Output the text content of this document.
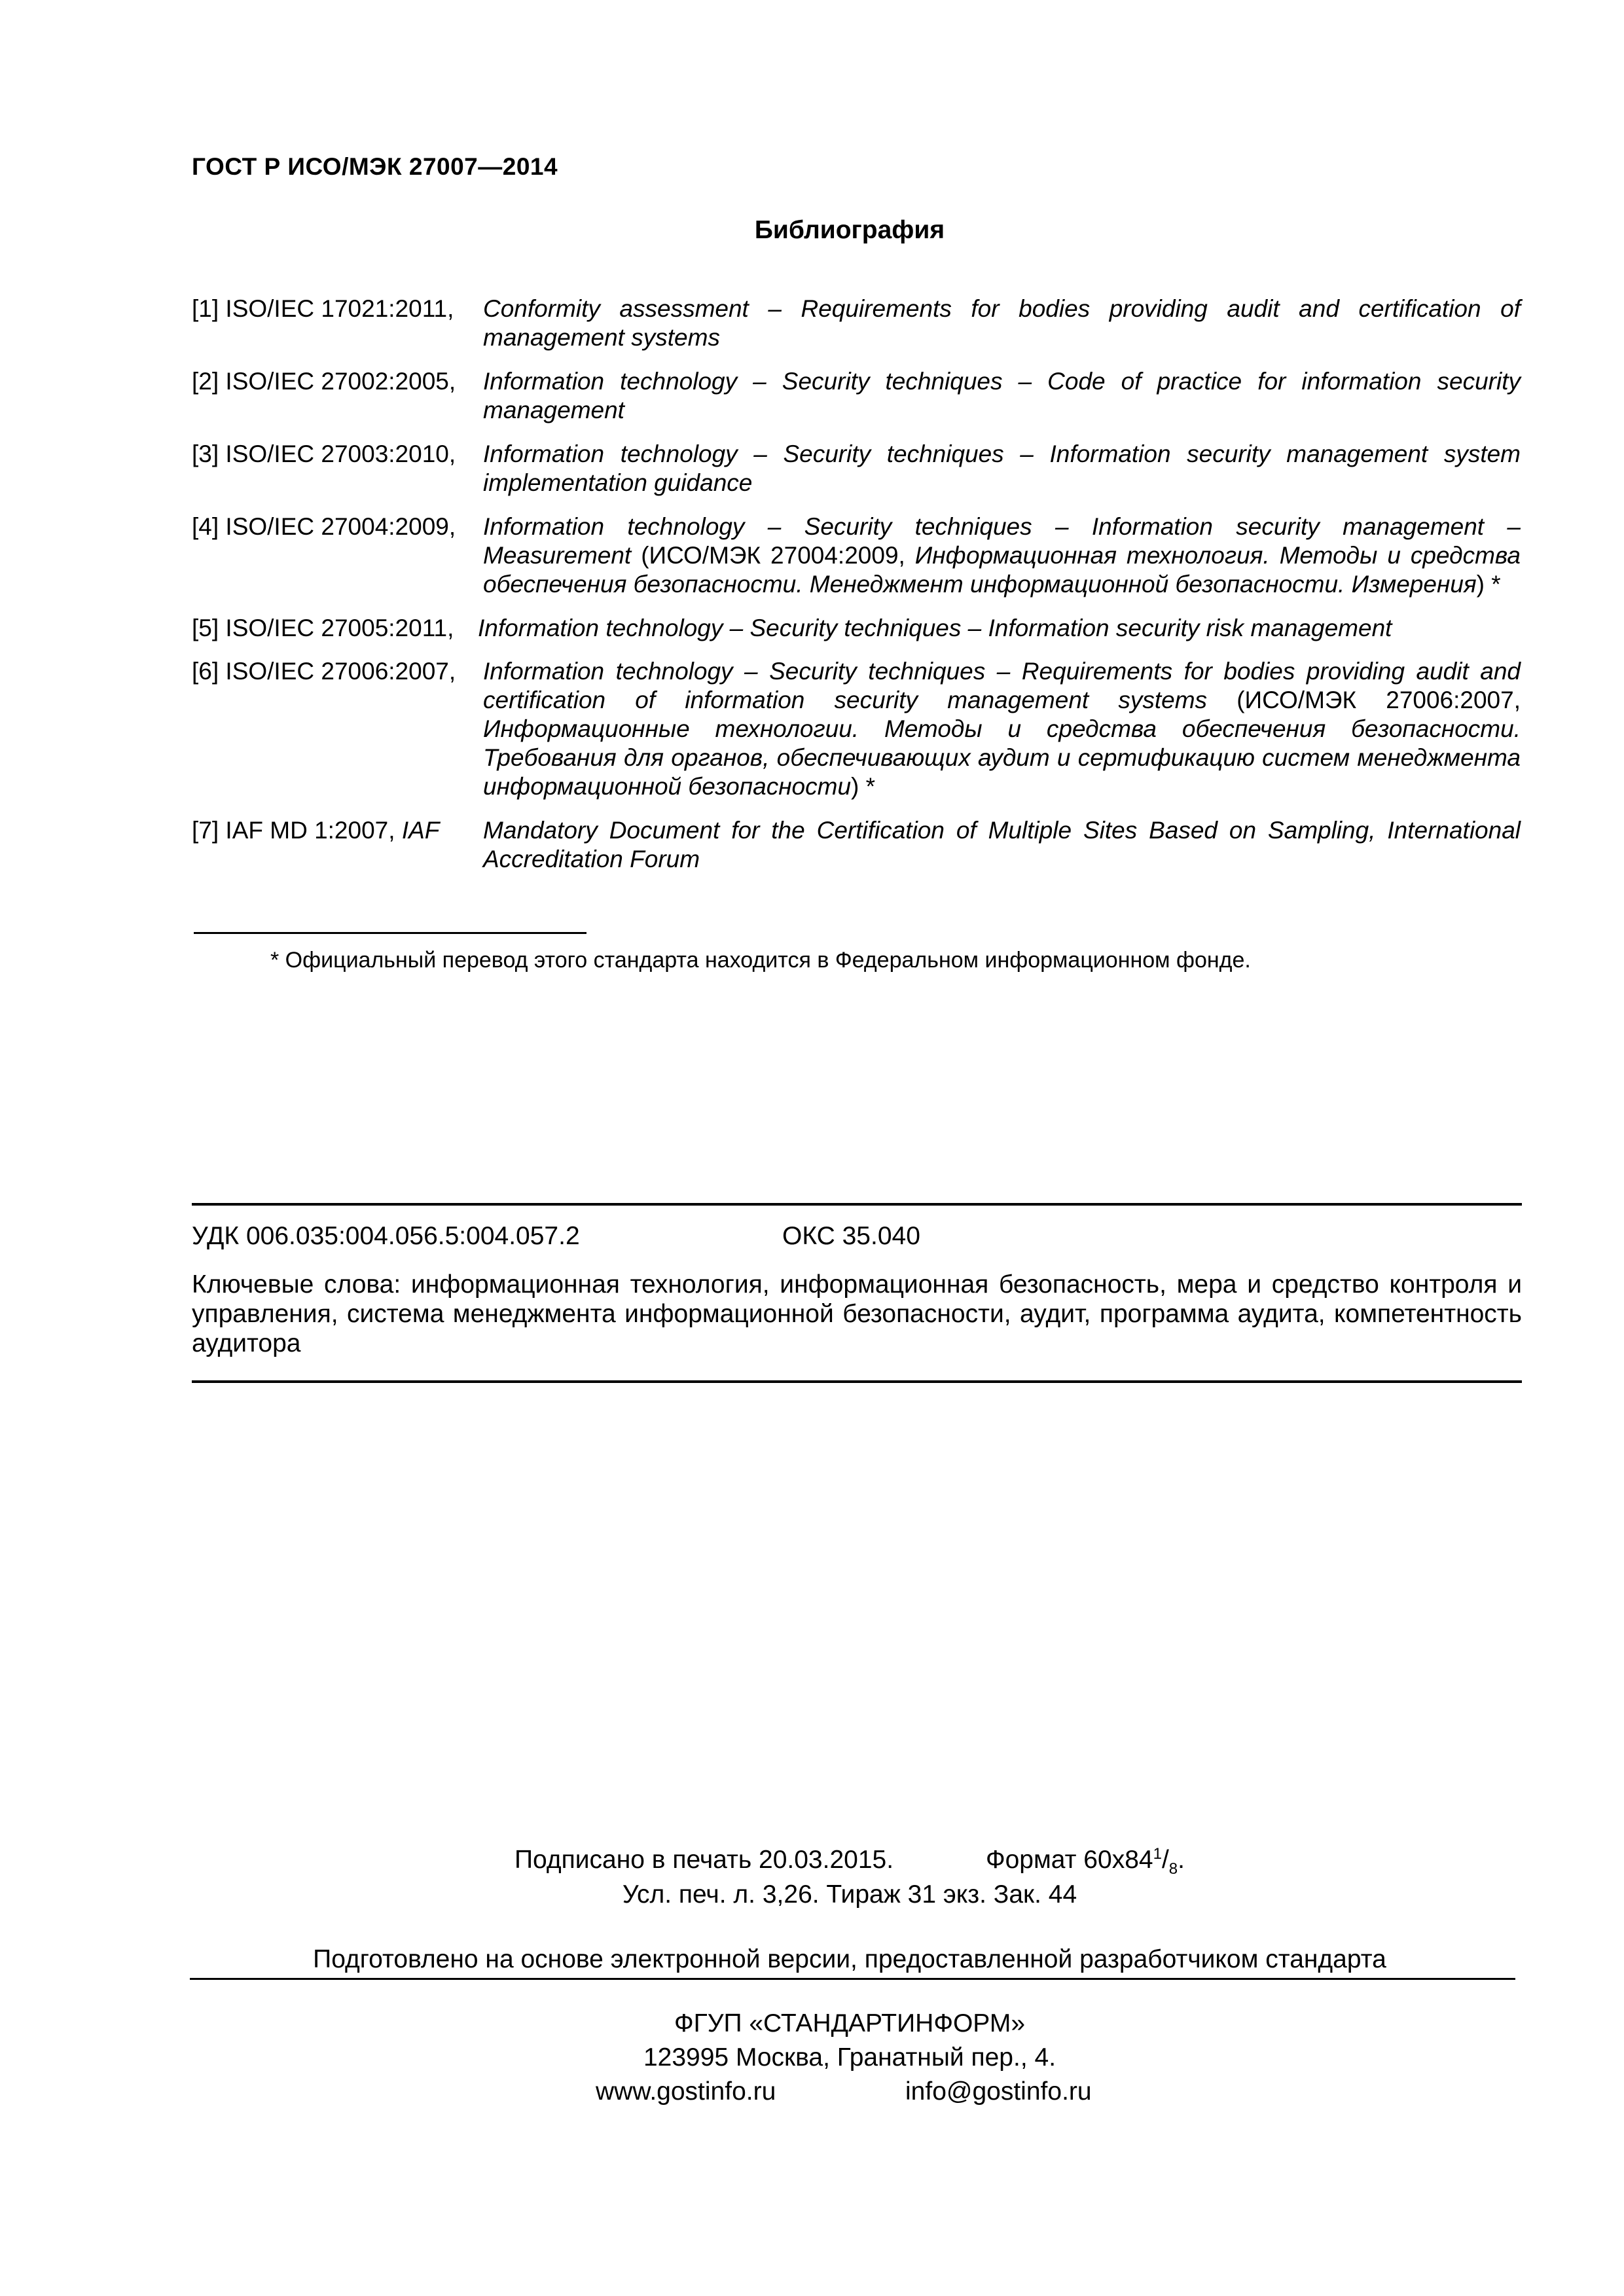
ГОСТ Р ИСО/МЭК 27007—2014
Библиография
[1] ISO/IEC 17021:2011, Conformity assessment – Requirements for bodies providing audit and certification of management systems
[2] ISO/IEC 27002:2005, Information technology – Security techniques – Code of practice for information security management
[3] ISO/IEC 27003:2010, Information technology – Security techniques – Information security management system implementation guidance
[4] ISO/IEC 27004:2009, Information technology – Security techniques – Information security management – Measurement (ИСО/МЭК 27004:2009, Информационная технология. Методы и средства обеспечения безопасности. Менеджмент информационной безопасности. Измерения) *
[5] ISO/IEC 27005:2011, Information technology – Security techniques – Information security risk management
[6] ISO/IEC 27006:2007, Information technology – Security techniques – Requirements for bodies providing audit and certification of information security management systems (ИСО/МЭК 27006:2007, Информационные технологии. Методы и средства обеспечения безопасности. Требования для органов, обеспечивающих аудит и сертификацию систем менеджмента информационной безопасности) *
[7] IAF MD 1:2007, IAF Mandatory Document for the Certification of Multiple Sites Based on Sampling, International Accreditation Forum
* Официальный перевод этого стандарта находится в Федеральном информационном фонде.
УДК 006.035:004.056.5:004.057.2	ОКС 35.040
Ключевые слова: информационная технология, информационная безопасность, мера и средство контроля и управления, система менеджмента информационной безопасности, аудит, программа аудита, компетентность аудитора
Подписано в печать 20.03.2015.	Формат $60x84^1/_8$.
Усл. печ. л. 3,26. Тираж 31 экз. Зак. 44
Подготовлено на основе электронной версии, предоставленной разработчиком стандарта
ФГУП «СТАНДАРТИНФОРМ»
123995 Москва, Гранатный пер., 4.
www.gostinfo.ru	info@gostinfo.ru
